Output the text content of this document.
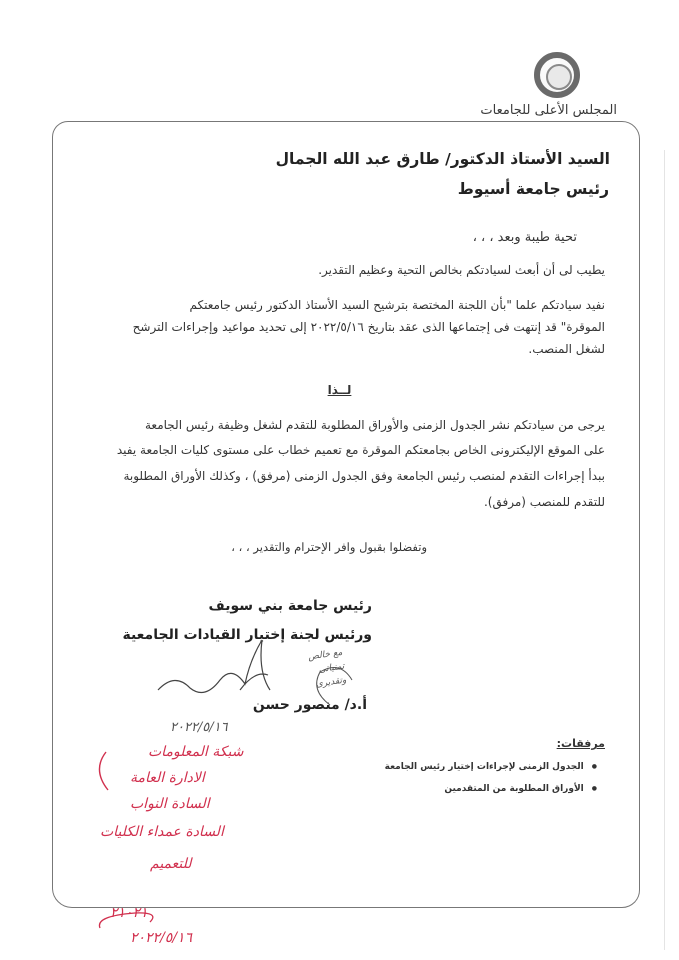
المجلس الأعلى للجامعات
السيد الأستاذ الدكتور/ طارق عبد الله الجمال
رئيس جامعة أسيوط
تحية طيبة وبعد ، ، ،
يطيب لى أن أبعث لسيادتكم بخالص التحية وعظيم التقدير.
نفيد سيادتكم علما "بأن اللجنة المختصة بترشيح السيد الأستاذ الدكتور رئيس جامعتكم
الموقرة" قد إنتهت فى إجتماعها الذى عقد بتاريخ ٢٠٢٢/٥/١٦ إلى تحديد مواعيد وإجراءات الترشح
لشغل المنصب.
لــذا
يرجى من سيادتكم نشر الجدول الزمنى والأوراق المطلوبة للتقدم لشغل وظيفة رئيس الجامعة
على الموقع الإليكترونى الخاص بجامعتكم الموقرة مع تعميم خطاب على مستوى كليات الجامعة يفيد
ببدأ إجراءات التقدم لمنصب رئيس الجامعة وفق الجدول الزمنى (مرفق) ، وكذلك الأوراق المطلوبة
للتقدم للمنصب (مرفق).
وتفضلوا بقبول وافر الإحترام والتقدير ، ، ،
رئيس جامعة بني سويف
ورئيس لجنة إختيار القيادات الجامعية
أ.د/ منصور حسن
٢٠٢٢/٥/١٦
مع خالص
تمنياتى
وتقديرى
مرفقات:
● الجدول الزمنى لإجراءات إختيار رئيس الجامعة
● الأوراق المطلوبة من المتقدمين
شبكة المعلومات
الادارة العامة
السادة النواب
السادة عمداء الكليات
للتعميم
٢١٠٢١
٢٠٢٢/٥/١٦
